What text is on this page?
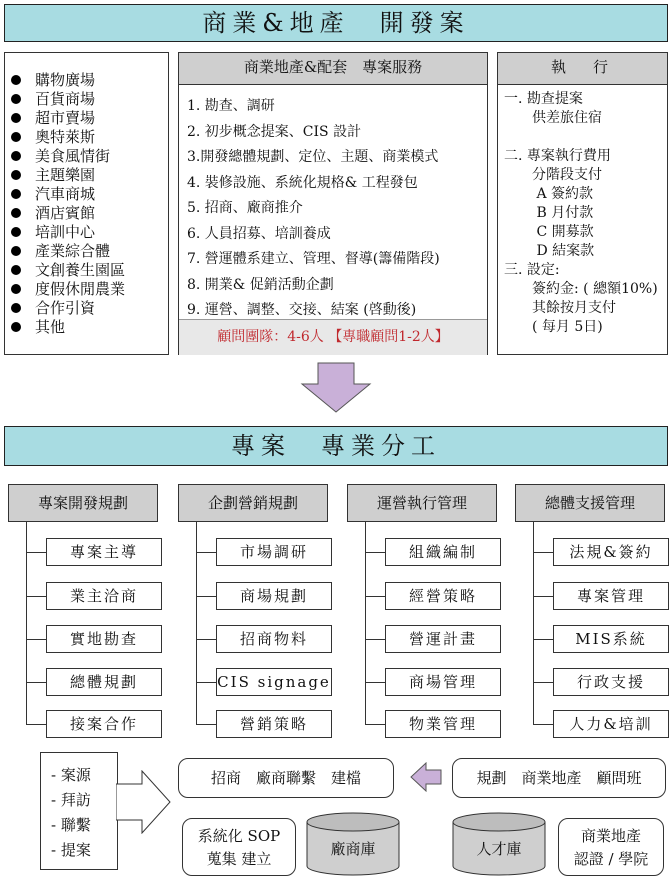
商業&地產　開發案
購物廣場
百貨商場
超市賣場
奧特萊斯
美食風情街
主題樂園
汽車商城
酒店賓館
培訓中心
產業綜合體
文創養生園區
度假休閒農業
合作引資
其他
商業地產&配套　專案服務
1. 勘查、調研
2. 初步概念提案、CIS 設計
3.開發總體規劃、定位、主題、商業模式
4. 裝修設施、系統化規格& 工程發包
5. 招商、廠商推介
6. 人員招募、培訓養成
7. 營運體系建立、管理、督導(籌備階段)
8. 開業& 促銷活動企劃
9. 運營、調整、交接、結案 (啓動後)
顧問團隊：4-6人 【專職顧問1-2人】
執　行
一. 勘查提案
　　供差旅住宿
二. 專案執行費用
　　分階段支付
　　 A 簽約款
　　 B 月付款
　　 C 開募款
　　 D 結案款
三. 設定:
　　簽約金: ( 總額10%)
　　其餘按月支付
　　( 每月 5日)
專案　專業分工
專案開發規劃
專案主導
業主洽商
實地勘查
總體規劃
接案合作
企劃營銷規劃
市場調研
商場規劃
招商物料
CIS signage
營銷策略
運營執行管理
組織編制
經營策略
營運計畫
商場管理
物業管理
總體支援管理
法規&簽約
專案管理
MIS系統
行政支援
人力&培訓
- 案源
- 拜訪
- 聯繫
- 提案
招商　廠商聯繫　建檔
系統化 SOP
蒐集 建立
廠商庫
規劃　商業地產　顧問班
人才庫
商業地產
認證 / 學院
